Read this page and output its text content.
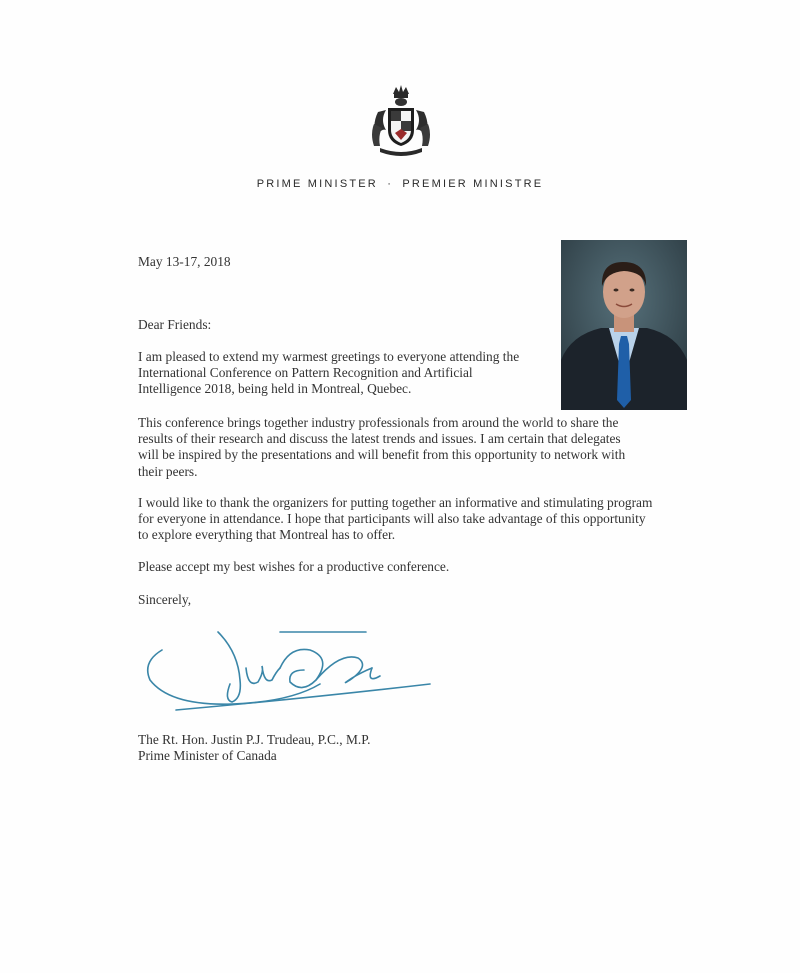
PRIME MINISTER · PREMIER MINISTRE
May 13-17, 2018
Dear Friends:
I am pleased to extend my warmest greetings to everyone attending the International Conference on Pattern Recognition and Artificial Intelligence 2018, being held in Montreal, Quebec.
This conference brings together industry professionals from around the world to share the results of their research and discuss the latest trends and issues. I am certain that delegates will be inspired by the presentations and will benefit from this opportunity to network with their peers.
I would like to thank the organizers for putting together an informative and stimulating program for everyone in attendance. I hope that participants will also take advantage of this opportunity to explore everything that Montreal has to offer.
Please accept my best wishes for a productive conference.
Sincerely,
The Rt. Hon. Justin P.J. Trudeau, P.C., M.P.
Prime Minister of Canada
